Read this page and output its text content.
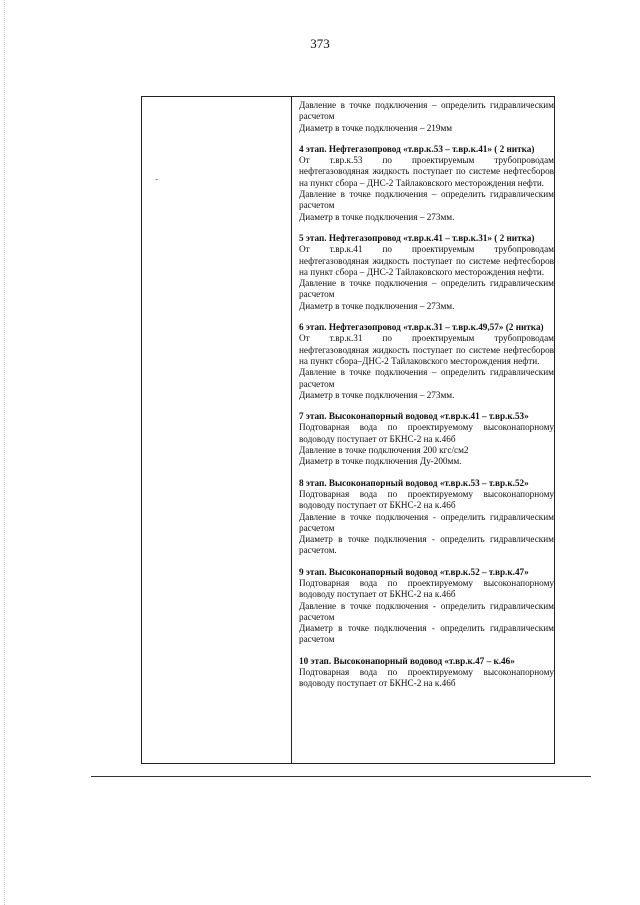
373
-

Давление в точке подключения – определить гидравлическим расчетом

Диаметр в точке подключения – 219мм

4 этап. Нефтегазопровод «т.вр.к.53 – т.вр.к.41» ( 2 нитка)

От т.вр.к.53 по проектируемым трубопроводам нефтегазоводяная жидкость поступает по системе нефтесборов на пункт сбора – ДНС-2 Тайлаковского месторождения нефти.

Давление в точке подключения – определить гидравлическим расчетом

Диаметр в точке подключения – 273мм.

5 этап. Нефтегазопровод «т.вр.к.41 – т.вр.к.31» ( 2 нитка)

От т.вр.к.41 по проектируемым трубопроводам нефтегазоводяная жидкость поступает по системе нефтесборов на пункт сбора – ДНС-2 Тайлаковского месторождения нефти.

Давление в точке подключения – определить гидравлическим расчетом

Диаметр в точке подключения – 273мм.

6 этап. Нефтегазопровод «т.вр.к.31 – т.вр.к.49,57» (2 нитка)

От т.вр.к.31 по проектируемым трубопроводам нефтегазоводяная жидкость поступает по системе нефтесборов на пункт сбора–ДНС-2 Тайлаковского месторождения нефти.

Давление в точке подключения – определить гидравлическим расчетом

Диаметр в точке подключения – 273мм.

7 этап. Высоконапорный водовод «т.вр.к.41 – т.вр.к.53»

Подтоварная вода по проектируемому высоконапорному водоводу поступает от БКНС-2 на к.46б

Давление в точке подключения 200 кгс/см2

Диаметр в точке подключения Ду-200мм.

8 этап. Высоконапорный водовод «т.вр.к.53 – т.вр.к.52»

Подтоварная вода по проектируемому высоконапорному водоводу поступает от БКНС-2 на к.46б

Давление в точке подключения - определить гидравлическим расчетом

Диаметр в точке подключения - определить гидравлическим расчетом.

9 этап. Высоконапорный водовод «т.вр.к.52 – т.вр.к.47»

Подтоварная вода по проектируемому высоконапорному водоводу поступает от БКНС-2 на к.46б

Давление в точке подключения - определить гидравлическим расчетом

Диаметр в точке подключения - определить гидравлическим расчетом

10 этап. Высоконапорный водовод «т.вр.к.47 – к.46»

Подтоварная вода по проектируемому высоконапорному водоводу поступает от БКНС-2 на к.46б
